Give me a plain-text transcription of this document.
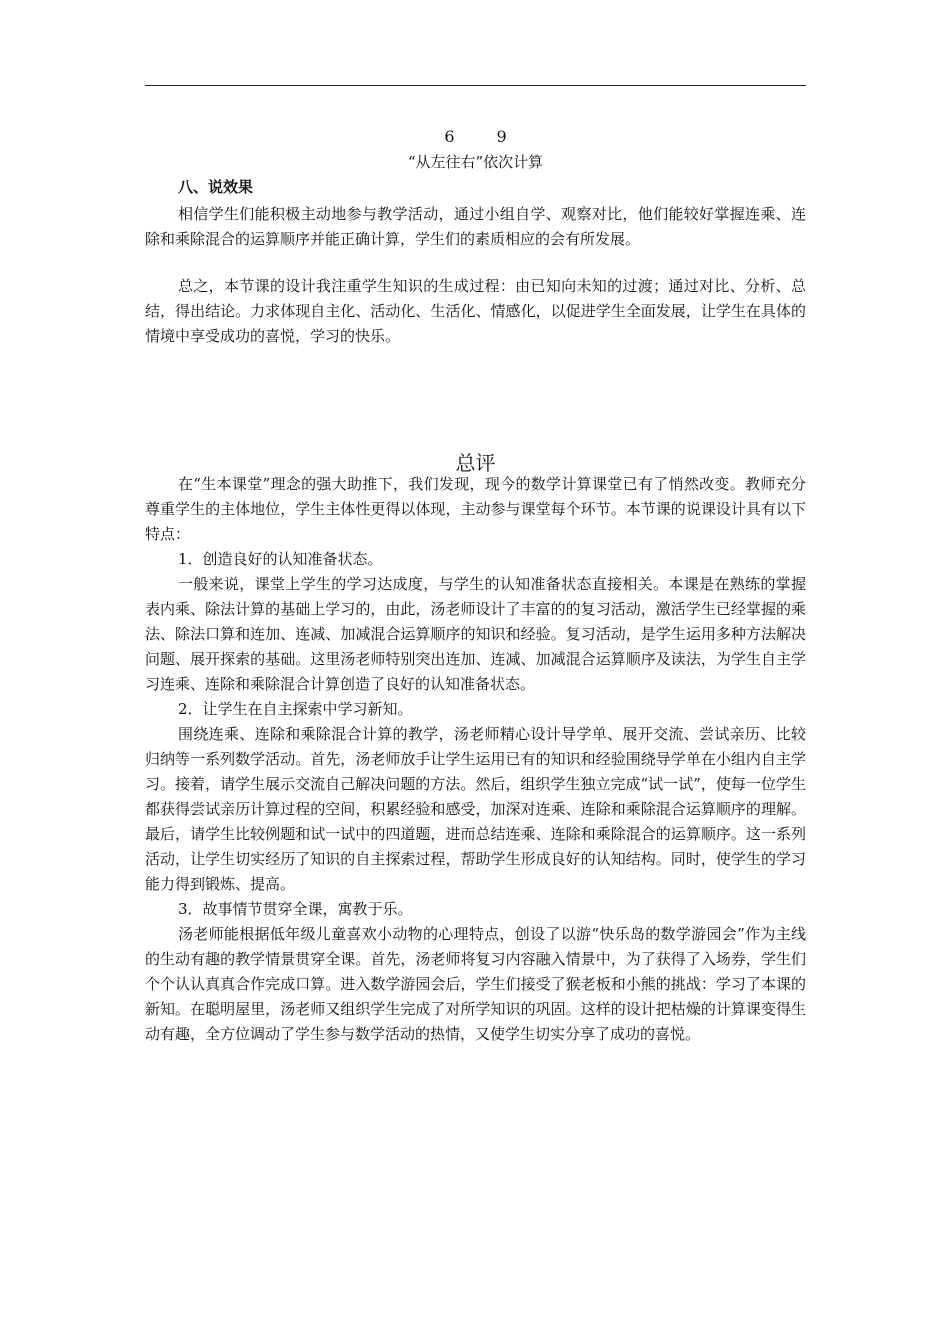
6	9
“从左往右”依次计算
八、说效果

相信学生们能积极主动地参与教学活动，通过小组自学、观察对比，他们能较好掌握连乘、连除和乘除混合的运算顺序并能正确计算，学生们的素质相应的会有所发展。

总之，本节课的设计我注重学生知识的生成过程：由已知向未知的过渡；通过对比、分析、总结，得出结论。力求体现自主化、活动化、生活化、情感化，以促进学生全面发展，让学生在具体的情境中享受成功的喜悦，学习的快乐。

总评

在“生本课堂”理念的强大助推下，我们发现，现今的数学计算课堂已有了悄然改变。教师充分尊重学生的主体地位，学生主体性更得以体现，主动参与课堂每个环节。本节课的说课设计具有以下特点：

1．创造良好的认知准备状态。

一般来说，课堂上学生的学习达成度，与学生的认知准备状态直接相关。本课是在熟练的掌握表内乘、除法计算的基础上学习的，由此，汤老师设计了丰富的的复习活动，激活学生已经掌握的乘法、除法口算和连加、连减、加减混合运算顺序的知识和经验。复习活动，是学生运用多种方法解决问题、展开探索的基础。这里汤老师特别突出连加、连减、加减混合运算顺序及读法，为学生自主学习连乘、连除和乘除混合计算创造了良好的认知准备状态。

2．让学生在自主探索中学习新知。

围绕连乘、连除和乘除混合计算的教学，汤老师精心设计导学单、展开交流、尝试亲历、比较归纳等一系列数学活动。首先，汤老师放手让学生运用已有的知识和经验围绕导学单在小组内自主学习。接着，请学生展示交流自己解决问题的方法。然后，组织学生独立完成“试一试”，使每一位学生都获得尝试亲历计算过程的空间，积累经验和感受，加深对连乘、连除和乘除混合运算顺序的理解。最后，请学生比较例题和试一试中的四道题，进而总结连乘、连除和乘除混合的运算顺序。这一系列活动，让学生切实经历了知识的自主探索过程，帮助学生形成良好的认知结构。同时，使学生的学习能力得到锻炼、提高。

3．故事情节贯穿全课，寓教于乐。

汤老师能根据低年级儿童喜欢小动物的心理特点，创设了以游“快乐岛的数学游园会”作为主线的生动有趣的教学情景贯穿全课。首先，汤老师将复习内容融入情景中，为了获得了入场券，学生们个个认认真真合作完成口算。进入数学游园会后，学生们接受了猴老板和小熊的挑战：学习了本课的新知。在聪明屋里，汤老师又组织学生完成了对所学知识的巩固。这样的设计把枯燥的计算课变得生动有趣，全方位调动了学生参与数学活动的热情，又使学生切实分享了成功的喜悦。
